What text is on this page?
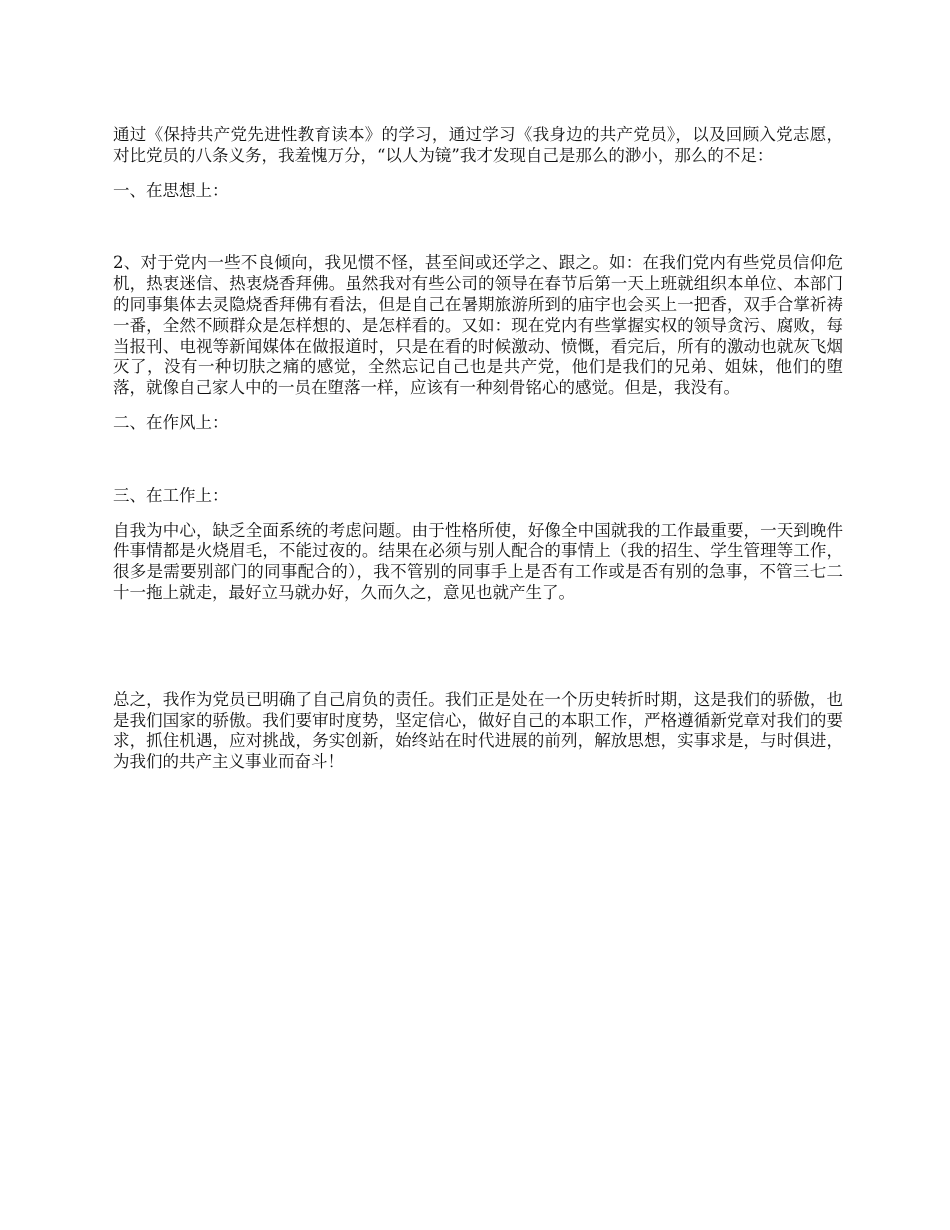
通过《保持共产党先进性教育读本》的学习，通过学习《我身边的共产党员》，以及回顾入党志愿，对比党员的八条义务，我羞愧万分，“以人为镜”我才发现自己是那么的渺小，那么的不足：

一、在思想上：

2、对于党内一些不良倾向，我见惯不怪，甚至间或还学之、跟之。如：在我们党内有些党员信仰危机，热衷迷信、热衷烧香拜佛。虽然我对有些公司的领导在春节后第一天上班就组织本单位、本部门的同事集体去灵隐烧香拜佛有看法，但是自己在暑期旅游所到的庙宇也会买上一把香，双手合掌祈祷一番，全然不顾群众是怎样想的、是怎样看的。又如：现在党内有些掌握实权的领导贪污、腐败，每当报刊、电视等新闻媒体在做报道时，只是在看的时候激动、愤慨，看完后，所有的激动也就灰飞烟灭了，没有一种切肤之痛的感觉，全然忘记自己也是共产党，他们是我们的兄弟、姐妹，他们的堕落，就像自己家人中的一员在堕落一样，应该有一种刻骨铭心的感觉。但是，我没有。

二、在作风上：

三、在工作上：

自我为中心，缺乏全面系统的考虑问题。由于性格所使，好像全中国就我的工作最重要，一天到晚件件事情都是火烧眉毛，不能过夜的。结果在必须与别人配合的事情上（我的招生、学生管理等工作，很多是需要别部门的同事配合的），我不管别的同事手上是否有工作或是否有别的急事，不管三七二十一拖上就走，最好立马就办好，久而久之，意见也就产生了。

总之，我作为党员已明确了自己肩负的责任。我们正是处在一个历史转折时期，这是我们的骄傲，也是我们国家的骄傲。我们要审时度势，坚定信心，做好自己的本职工作，严格遵循新党章对我们的要求，抓住机遇，应对挑战，务实创新，始终站在时代进展的前列，解放思想，实事求是，与时俱进，为我们的共产主义事业而奋斗！
